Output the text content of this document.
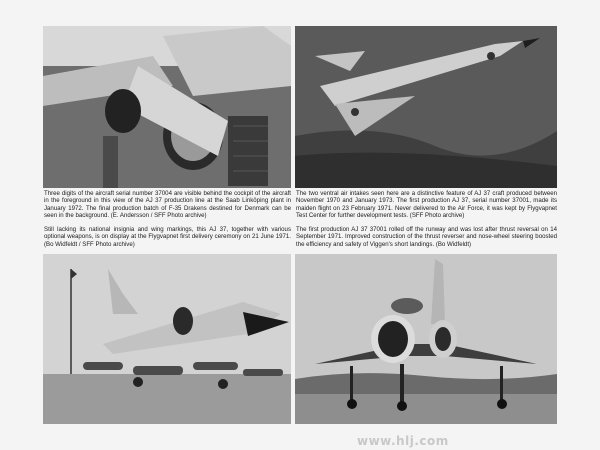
Three digits of the aircraft serial number 37004 are visible behind the cockpit of the aircraft in the foreground in this view of the AJ 37 production line at the Saab Linköping plant in January 1972. The final production batch of F-35 Drakens destined for Denmark can be seen in the background. (E. Andersson / SFF Photo archive)

Still lacking its national insignia and wing markings, this AJ 37, together with various optional weapons, is on display at the Flygvapnet first delivery ceremony on 21 June 1971. (Bo Widfeldt / SFF Photo archive)

The two ventral air intakes seen here are a distinctive feature of AJ 37 craft produced between November 1970 and January 1973. The first production AJ 37, serial number 37001, made its maiden flight on 23 February 1971. Never delivered to the Air Force, it was kept by Flygvapnet Test Center for further development tests. (SFF Photo archive)

The first production AJ 37 37001 rolled off the runway and was lost after thrust reversal on 14 September 1971. Improved construction of the thrust reverser and nose-wheel steering boosted the efficiency and safety of Viggen's short landings. (Bo Widfeldt)

www.hlj.com
